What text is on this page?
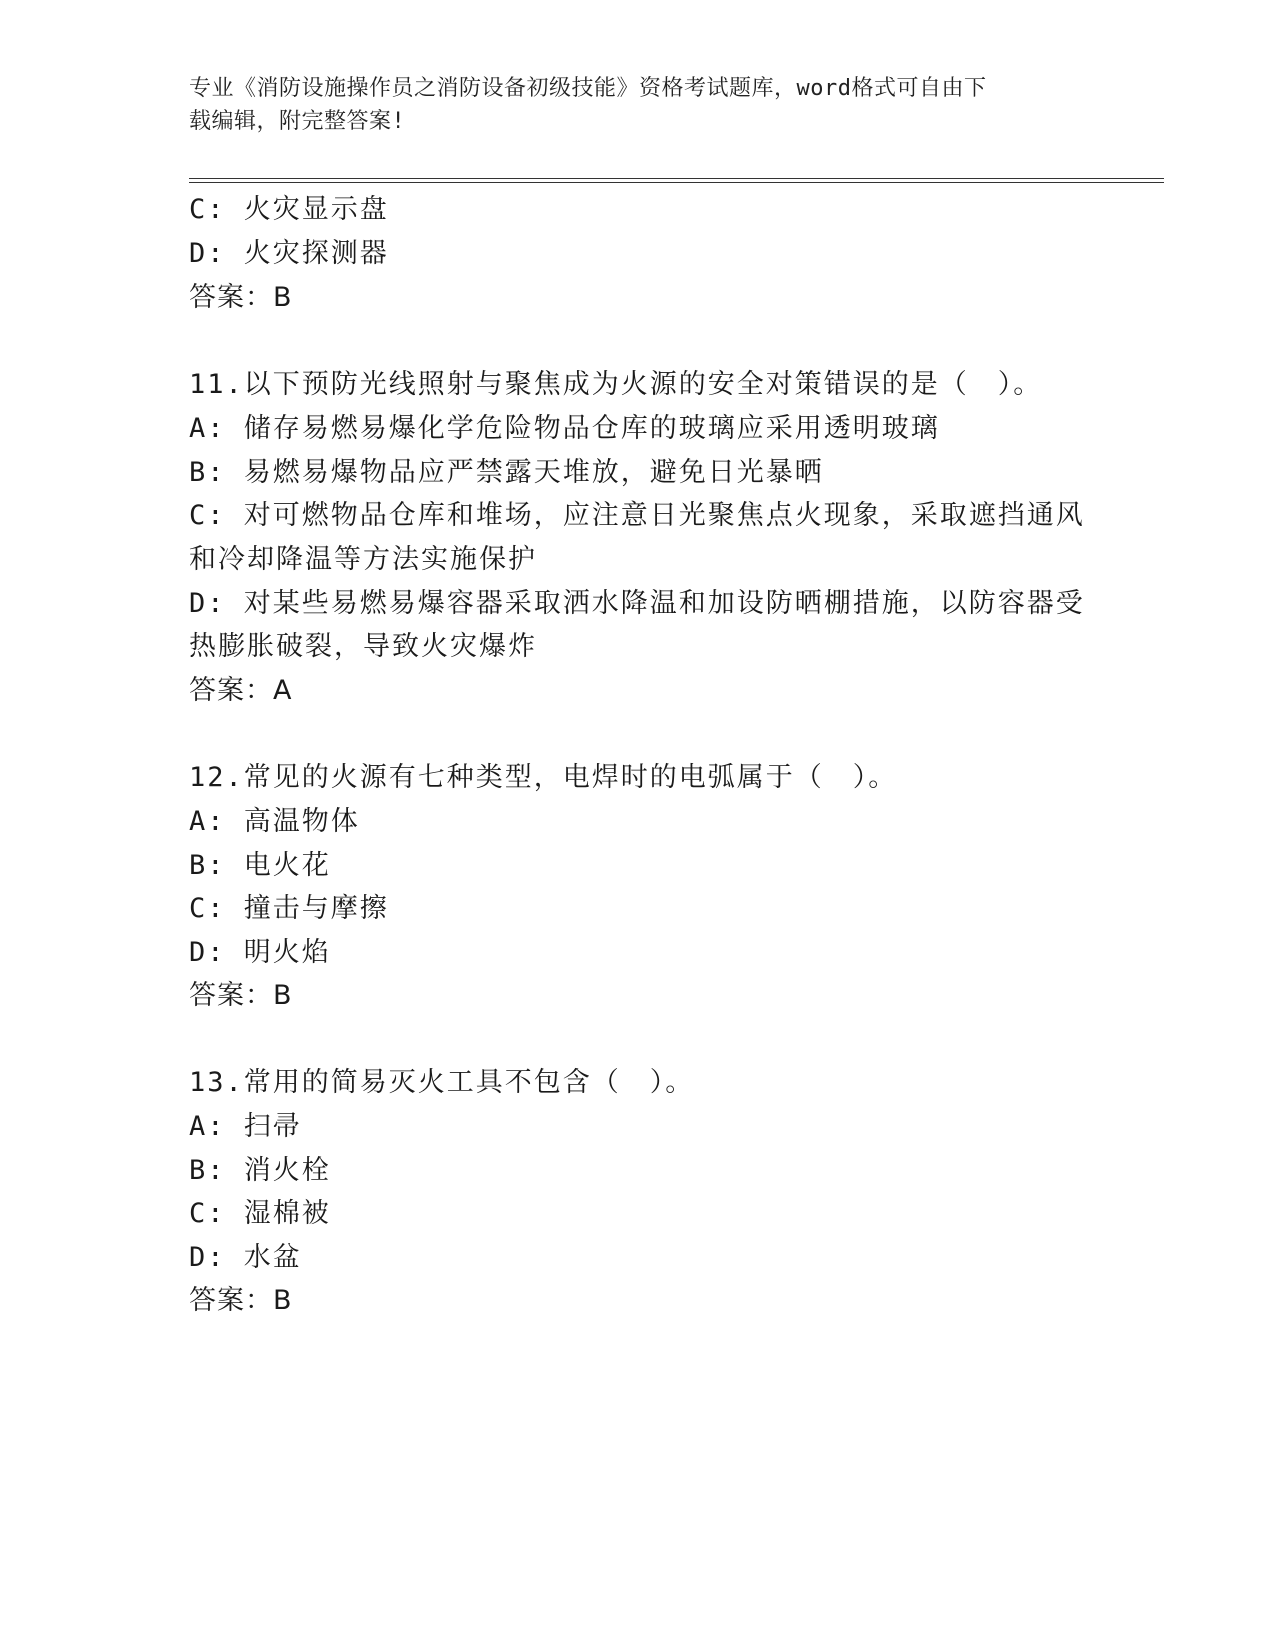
专业《消防设施操作员之消防设备初级技能》资格考试题库，word格式可自由下
载编辑，附完整答案!
C: 火灾显示盘
D: 火灾探测器
答案：B
11.以下预防光线照射与聚焦成为火源的安全对策错误的是（　）。
A: 储存易燃易爆化学危险物品仓库的玻璃应采用透明玻璃
B: 易燃易爆物品应严禁露天堆放，避免日光暴晒
C: 对可燃物品仓库和堆场，应注意日光聚焦点火现象，采取遮挡通风
和冷却降温等方法实施保护
D: 对某些易燃易爆容器采取洒水降温和加设防晒棚措施，以防容器受
热膨胀破裂，导致火灾爆炸
答案：A
12.常见的火源有七种类型，电焊时的电弧属于（　）。
A: 高温物体
B: 电火花
C: 撞击与摩擦
D: 明火焰
答案：B
13.常用的简易灭火工具不包含（　）。
A: 扫帚
B: 消火栓
C: 湿棉被
D: 水盆
答案：B
